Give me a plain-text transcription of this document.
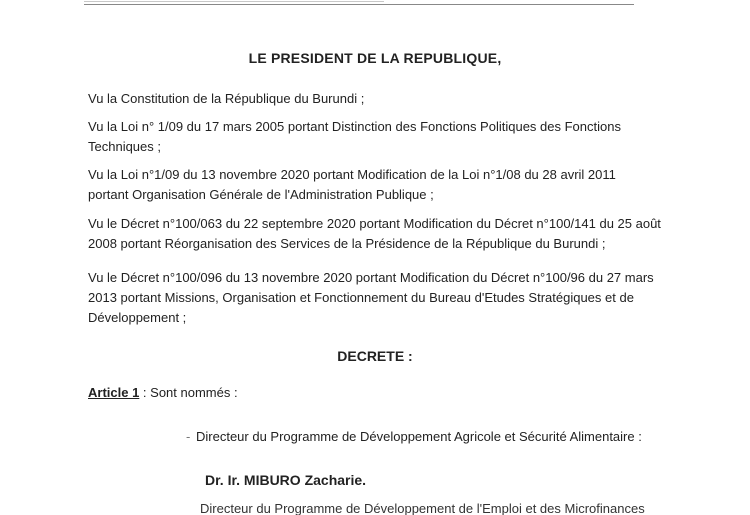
LE PRESIDENT DE LA REPUBLIQUE,
Vu la Constitution de la République du Burundi ;
Vu la Loi n° 1/09 du 17 mars 2005 portant Distinction des Fonctions Politiques des Fonctions
Techniques ;
Vu la Loi n°1/09 du 13 novembre 2020 portant Modification de la Loi n°1/08 du 28 avril 2011
portant Organisation Générale de l'Administration Publique ;
Vu le Décret n°100/063 du 22 septembre 2020 portant Modification du Décret n°100/141 du 25 août
2008 portant Réorganisation des Services de la Présidence de la République du Burundi ;
Vu le Décret n°100/096 du 13 novembre 2020 portant Modification du Décret n°100/96 du 27 mars
2013 portant Missions, Organisation et Fonctionnement du Bureau d'Etudes Stratégiques et de
Développement ;
DECRETE :
Article 1 : Sont nommés :
- Directeur du Programme de Développement Agricole et Sécurité Alimentaire :
Dr. Ir. MIBURO Zacharie.
Directeur du Programme de Développement de l'Emploi et des Microfinances
